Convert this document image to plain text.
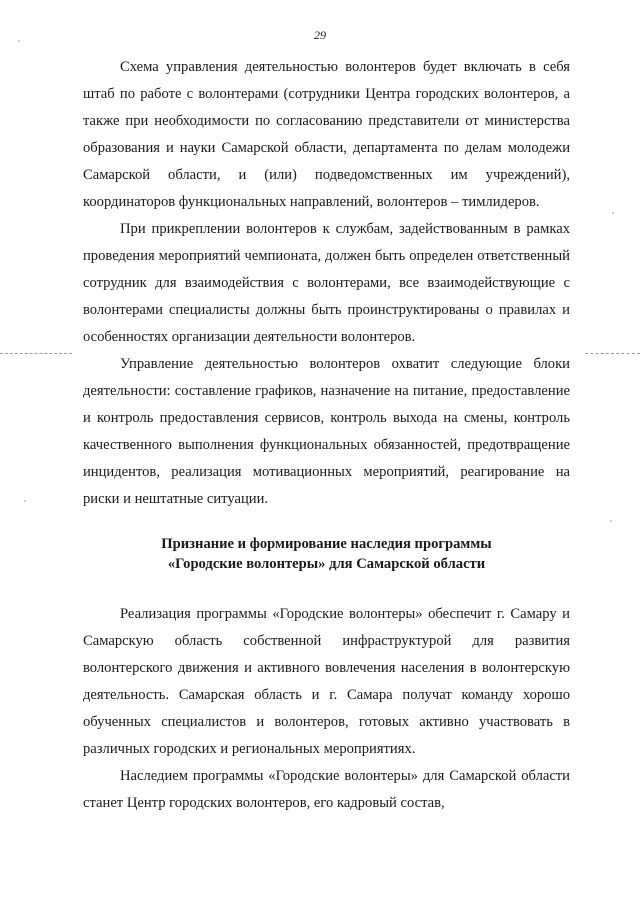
29

Схема управления деятельностью волонтеров будет включать в себя штаб по работе с волонтерами (сотрудники Центра городских волонтеров, а также при необходимости по согласованию представители от министерства образования и науки Самарской области, департамента по делам молодежи Самарской области, и (или) подведомственных им учреждений), координаторов функциональных направлений, волонтеров – тимлидеров.

При прикреплении волонтеров к службам, задействованным в рамках проведения мероприятий чемпионата, должен быть определен ответственный сотрудник для взаимодействия с волонтерами, все взаимодействующие с волонтерами специалисты должны быть проинструктированы о правилах и особенностях организации деятельности волонтеров.

Управление деятельностью волонтеров охватит следующие блоки деятельности: составление графиков, назначение на питание, предоставление и контроль предоставления сервисов, контроль выхода на смены, контроль качественного выполнения функциональных обязанностей, предотвращение инцидентов, реализация мотивационных мероприятий, реагирование на риски и нештатные ситуации.

Признание и формирование наследия программы
«Городские волонтеры» для Самарской области

Реализация программы «Городские волонтеры» обеспечит г. Самару и Самарскую область собственной инфраструктурой для развития волонтерского движения и активного вовлечения населения в волонтерскую деятельность. Самарская область и г. Самара получат команду хорошо обученных специалистов и волонтеров, готовых активно участвовать в различных городских и региональных мероприятиях.

Наследием программы «Городские волонтеры» для Самарской области станет Центр городских волонтеров, его кадровый состав,
